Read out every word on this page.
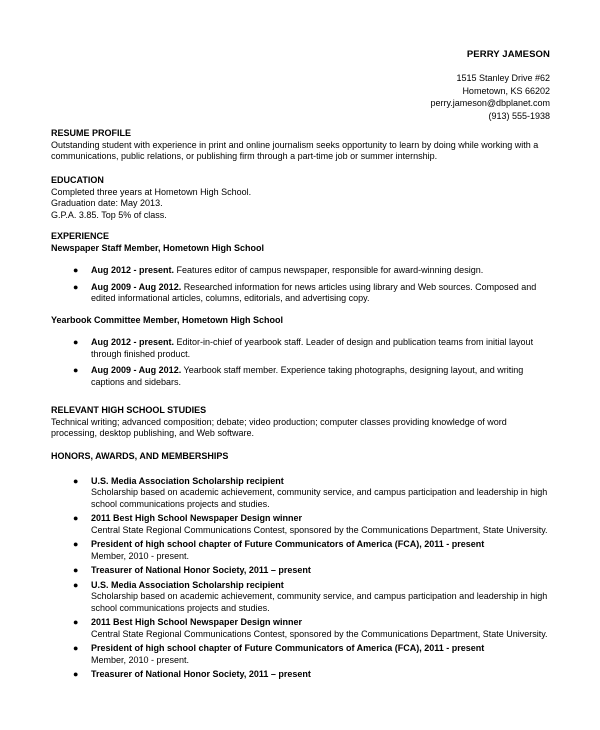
PERRY JAMESON
1515 Stanley Drive #62
Hometown, KS 66202
perry.jameson@dbplanet.com
(913) 555-1938
RESUME PROFILE
Outstanding student with experience in print and online journalism seeks opportunity to learn by doing while working with a communications, public relations, or publishing firm through a part-time job or summer internship.
EDUCATION
Completed three years at Hometown High School.
Graduation date: May 2013.
G.P.A. 3.85. Top 5% of class.
EXPERIENCE
Newspaper Staff Member, Hometown High School
● Aug 2012 - present. Features editor of campus newspaper, responsible for award-winning design.
● Aug 2009 - Aug 2012. Researched information for news articles using library and Web sources. Composed and edited informational articles, columns, editorials, and advertising copy.
Yearbook Committee Member, Hometown High School
● Aug 2012 - present. Editor-in-chief of yearbook staff. Leader of design and publication teams from initial layout through finished product.
● Aug 2009 - Aug 2012. Yearbook staff member. Experience taking photographs, designing layout, and writing captions and sidebars.
RELEVANT HIGH SCHOOL STUDIES
Technical writing; advanced composition; debate; video production; computer classes providing knowledge of word processing, desktop publishing, and Web software.
HONORS, AWARDS, AND MEMBERSHIPS
● U.S. Media Association Scholarship recipient
Scholarship based on academic achievement, community service, and campus participation and leadership in high school communications projects and studies.
● 2011 Best High School Newspaper Design winner
Central State Regional Communications Contest, sponsored by the Communications Department, State University.
● President of high school chapter of Future Communicators of America (FCA), 2011 - present
Member, 2010 - present.
● Treasurer of National Honor Society, 2011 – present
● U.S. Media Association Scholarship recipient
Scholarship based on academic achievement, community service, and campus participation and leadership in high school communications projects and studies.
● 2011 Best High School Newspaper Design winner
Central State Regional Communications Contest, sponsored by the Communications Department, State University.
● President of high school chapter of Future Communicators of America (FCA), 2011 - present
Member, 2010 - present.
● Treasurer of National Honor Society, 2011 – present
